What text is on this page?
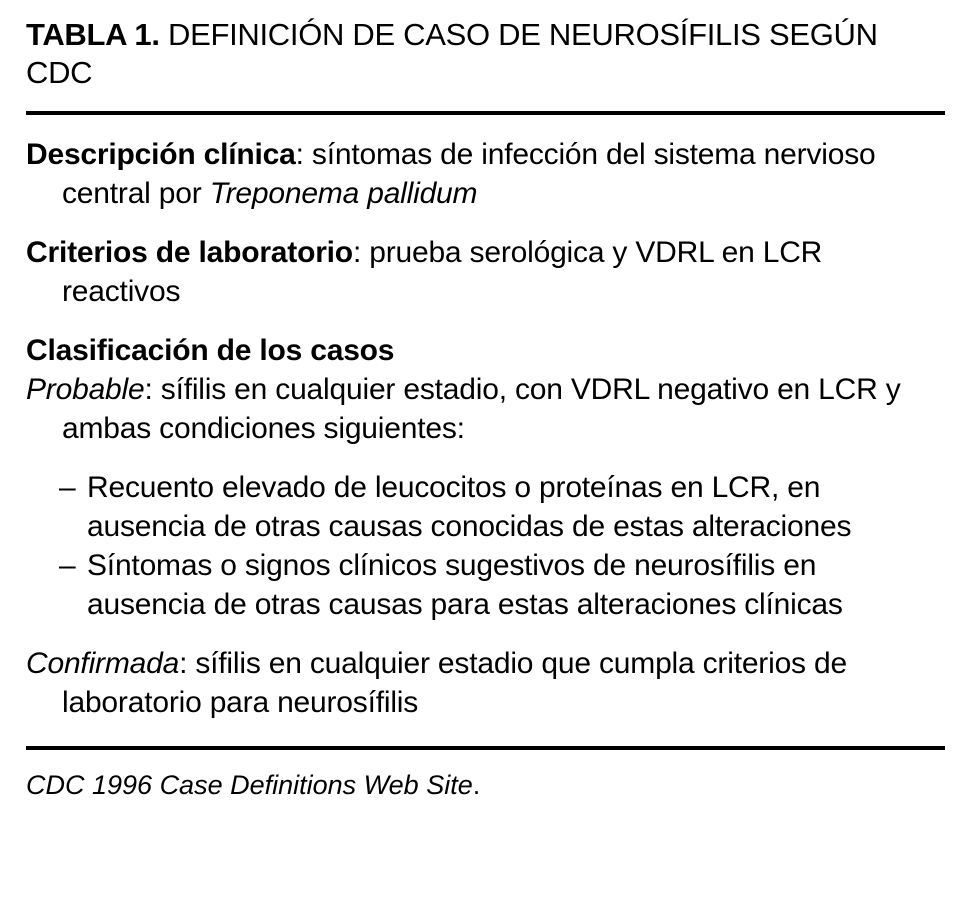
TABLA 1. DEFINICIÓN DE CASO DE NEUROSÍFILIS SEGÚN CDC

Descripción clínica: síntomas de infección del sistema nervioso central por Treponema pallidum

Criterios de laboratorio: prueba serológica y VDRL en LCR reactivos

Clasificación de los casos

Probable: sífilis en cualquier estadio, con VDRL negativo en LCR y ambas condiciones siguientes:

– Recuento elevado de leucocitos o proteínas en LCR, en ausencia de otras causas conocidas de estas alteraciones
– Síntomas o signos clínicos sugestivos de neurosífilis en ausencia de otras causas para estas alteraciones clínicas

Confirmada: sífilis en cualquier estadio que cumpla criterios de laboratorio para neurosífilis

CDC 1996 Case Definitions Web Site.
